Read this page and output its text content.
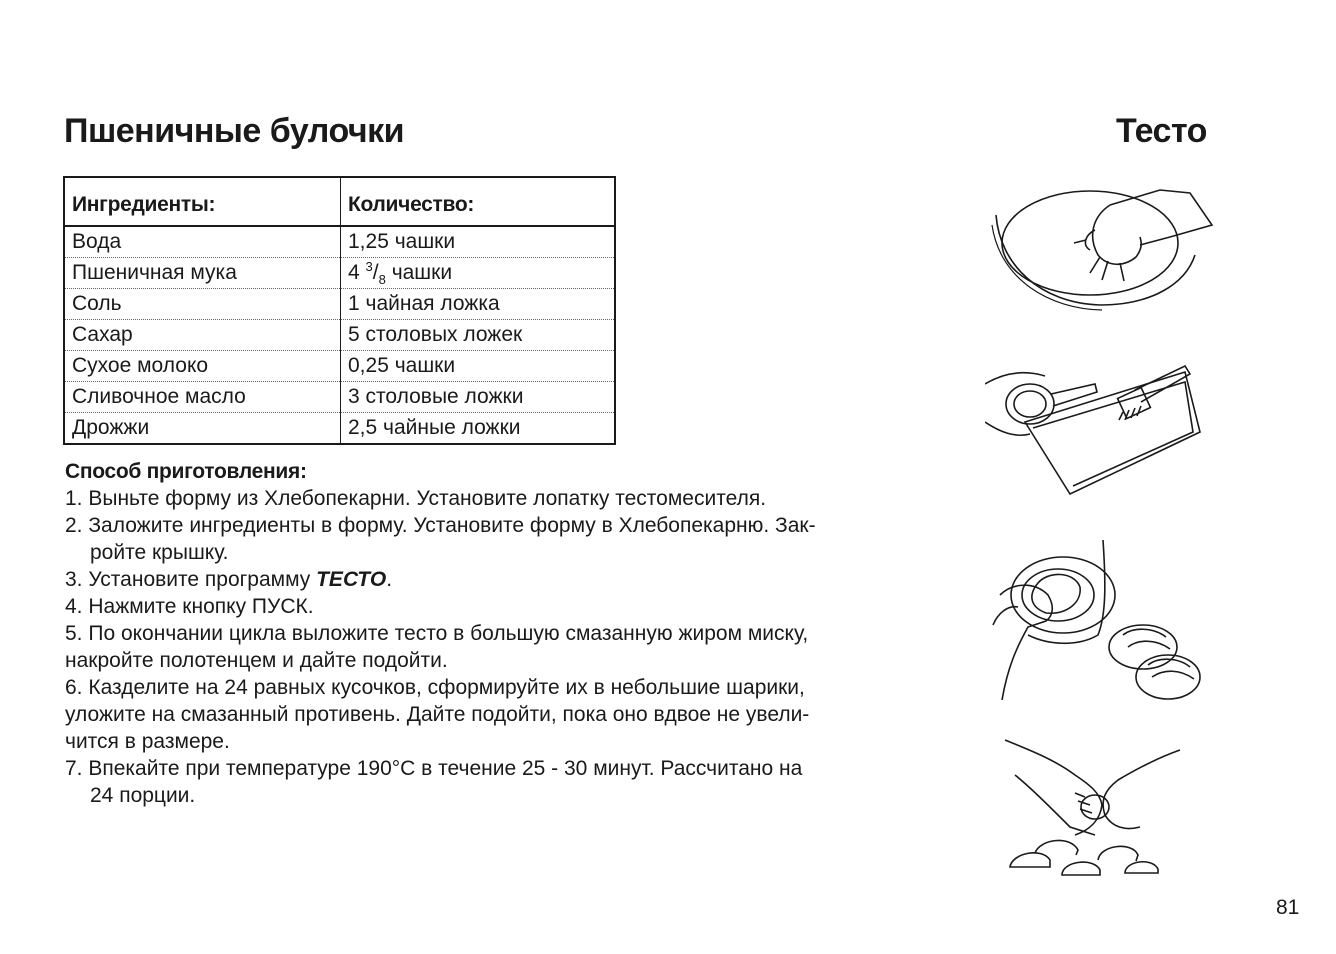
Пшеничные булочки	Тесто
Ингредиенты:	Количество:
Вода	1,25 чашки
Пшеничная мука	4 $^3/_8$ чашки
Соль	1 чайная ложка
Сахар	5 столовых ложек
Сухое молоко	0,25 чашки
Сливочное масло	3 столовые ложки
Дрожжи	2,5 чайные ложки
Способ приготовления:

1. Выньте форму из Хлебопекарни. Установите лопатку тестомесителя.

2. Заложите ингредиенты в форму. Установите форму в Хлебопекарню. Зак-
ройте крышку.

3. Установите программу ТЕСТО.

4. Нажмите кнопку ПУСК.

5. По окончании цикла выложите тесто в большую смазанную жиром миску,
накройте полотенцем и дайте подойти.

6. Казделите на 24 равных кусочков, сформируйте их в небольшие шарики,
уложите на смазанный противень. Дайте подойти, пока оно вдвое не увели-
чится в размере.

7. Впекайте при температуре 190°С в течение 25 - 30 минут. Рассчитано на
24 порции.

81
